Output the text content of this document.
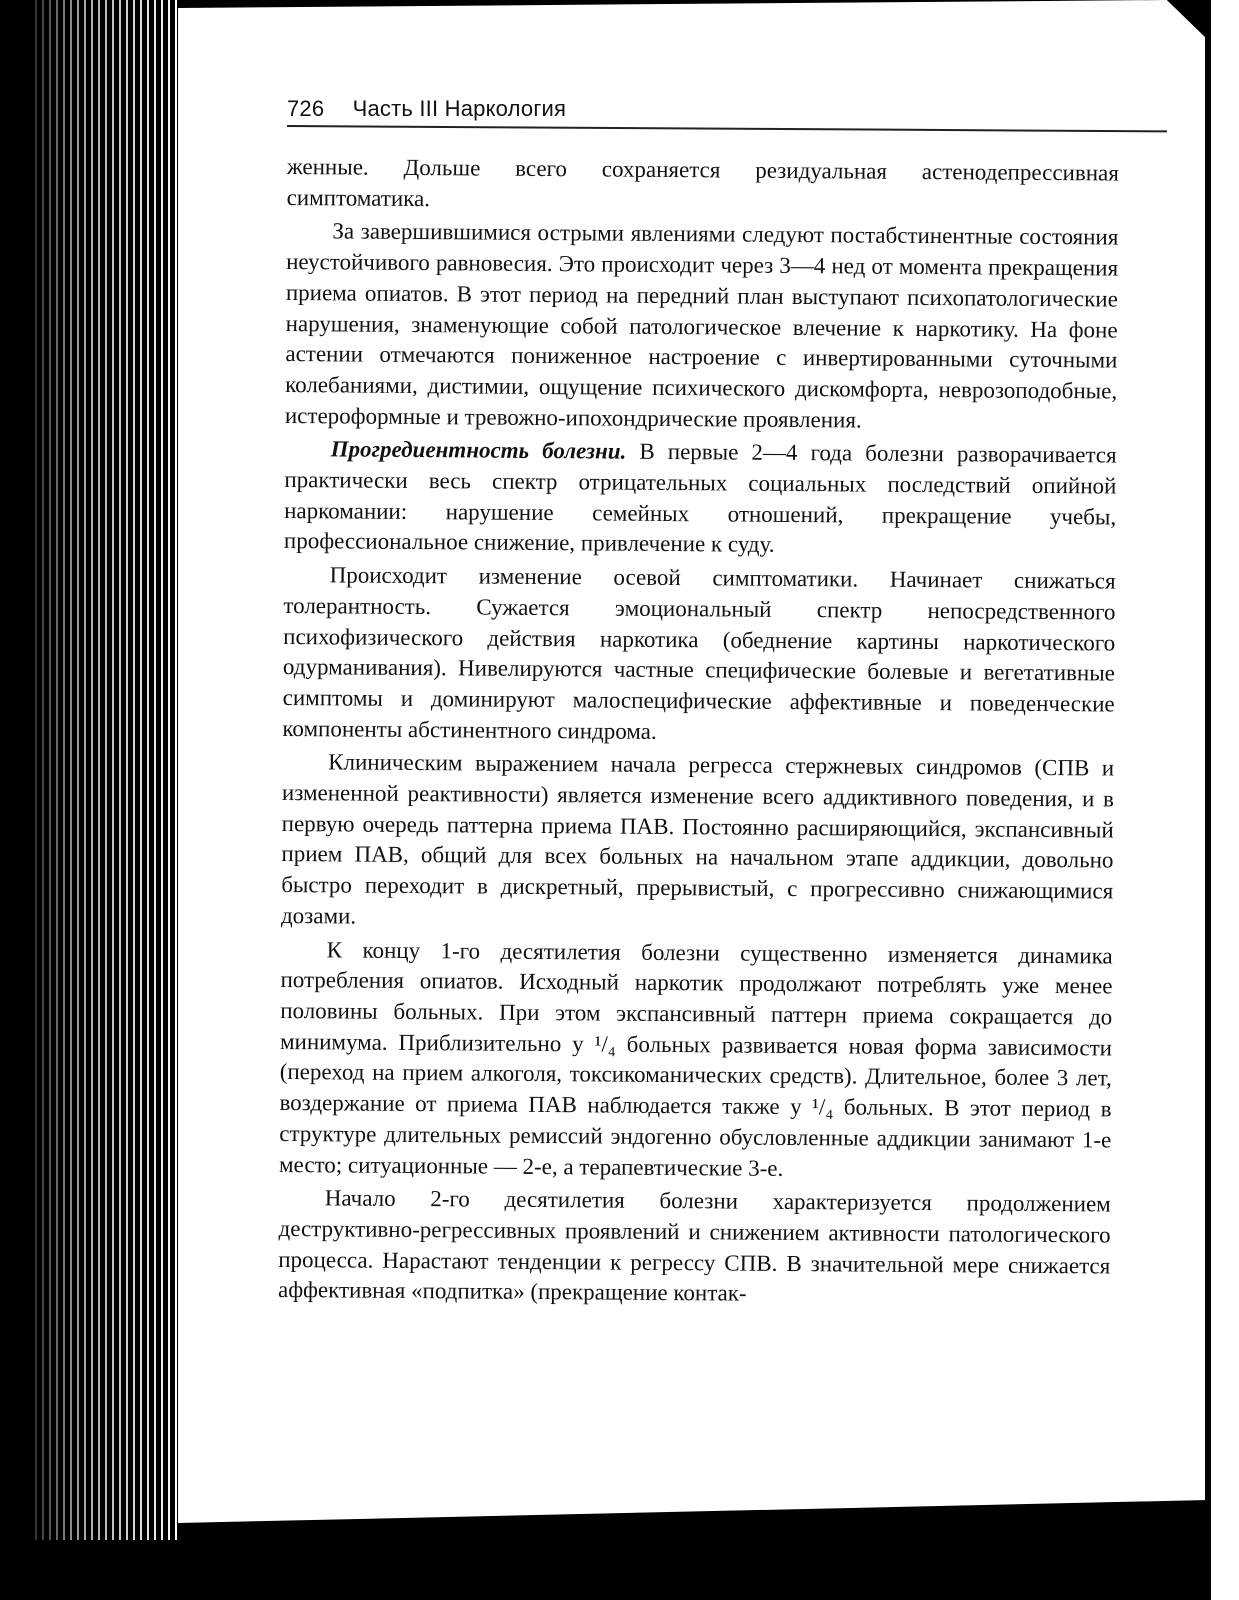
726 Часть III Наркология

женные. Дольше всего сохраняется резидуальная астенодепрессивная симптоматика.

За завершившимися острыми явлениями следуют постабстинентные состояния неустойчивого равновесия. Это происходит через 3—4 нед от момента прекращения приема опиатов. В этот период на передний план выступают психопатологические нарушения, знаменующие собой патологическое влечение к наркотику. На фоне астении отмечаются пониженное настроение с инвертированными суточными колебаниями, дистимии, ощущение психического дискомфорта, неврозоподобные, истероформные и тревожно-ипохондрические проявления.

Прогредиентность болезни. В первые 2—4 года болезни разворачивается практически весь спектр отрицательных социальных последствий опийной наркомании: нарушение семейных отношений, прекращение учебы, профессиональное снижение, привлечение к суду.

Происходит изменение осевой симптоматики. Начинает снижаться толерантность. Сужается эмоциональный спектр непосредственного психофизического действия наркотика (обеднение картины наркотического одурманивания). Нивелируются частные специфические болевые и вегетативные симптомы и доминируют малоспецифические аффективные и поведенческие компоненты абстинентного синдрома.

Клиническим выражением начала регресса стержневых синдромов (СПВ и измененной реактивности) является изменение всего аддиктивного поведения, и в первую очередь паттерна приема ПАВ. Постоянно расширяющийся, экспансивный прием ПАВ, общий для всех больных на начальном этапе аддикции, довольно быстро переходит в дискретный, прерывистый, с прогрессивно снижающимися дозами.

К концу 1-го десятилетия болезни существенно изменяется динамика потребления опиатов. Исходный наркотик продолжают потреблять уже менее половины больных. При этом экспансивный паттерн приема сокращается до минимума. Приблизительно у ¹/₄ больных развивается новая форма зависимости (переход на прием алкоголя, токсикоманических средств). Длительное, более 3 лет, воздержание от приема ПАВ наблюдается также у ¹/₄ больных. В этот период в структуре длительных ремиссий эндогенно обусловленные аддикции занимают 1-е место; ситуационные — 2-е, а терапевтические 3-е.

Начало 2-го десятилетия болезни характеризуется продолжением деструктивно-регрессивных проявлений и снижением активности патологического процесса. Нарастают тенденции к регрессу СПВ. В значительной мере снижается аффективная «подпитка» (прекращение контак-
